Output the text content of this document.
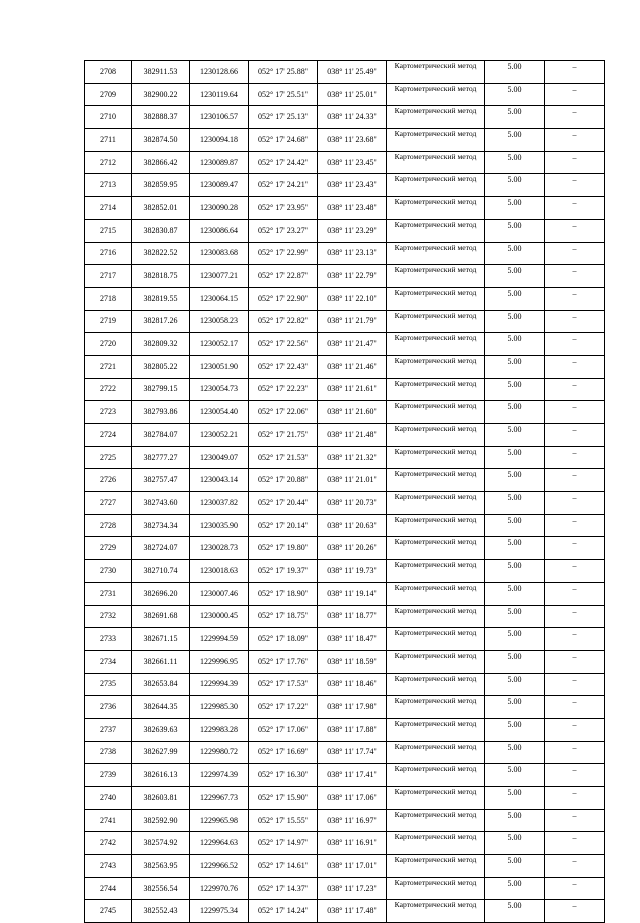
2708	382911.53	1230128.66	052° 17' 25.88"	038° 11' 25.49"	Картометрический метод	5.00	–
2709	382900.22	1230119.64	052° 17' 25.51"	038° 11' 25.01"	Картометрический метод	5.00	–
2710	382888.37	1230106.57	052° 17' 25.13"	038° 11' 24.33"	Картометрический метод	5.00	–
2711	382874.50	1230094.18	052° 17' 24.68"	038° 11' 23.68"	Картометрический метод	5.00	–
2712	382866.42	1230089.87	052° 17' 24.42"	038° 11' 23.45"	Картометрический метод	5.00	–
2713	382859.95	1230089.47	052° 17' 24.21"	038° 11' 23.43"	Картометрический метод	5.00	–
2714	382852.01	1230090.28	052° 17' 23.95"	038° 11' 23.48"	Картометрический метод	5.00	–
2715	382830.87	1230086.64	052° 17' 23.27"	038° 11' 23.29"	Картометрический метод	5.00	–
2716	382822.52	1230083.68	052° 17' 22.99"	038° 11' 23.13"	Картометрический метод	5.00	–
2717	382818.75	1230077.21	052° 17' 22.87"	038° 11' 22.79"	Картометрический метод	5.00	–
2718	382819.55	1230064.15	052° 17' 22.90"	038° 11' 22.10"	Картометрический метод	5.00	–
2719	382817.26	1230058.23	052° 17' 22.82"	038° 11' 21.79"	Картометрический метод	5.00	–
2720	382809.32	1230052.17	052° 17' 22.56"	038° 11' 21.47"	Картометрический метод	5.00	–
2721	382805.22	1230051.90	052° 17' 22.43"	038° 11' 21.46"	Картометрический метод	5.00	–
2722	382799.15	1230054.73	052° 17' 22.23"	038° 11' 21.61"	Картометрический метод	5.00	–
2723	382793.86	1230054.40	052° 17' 22.06"	038° 11' 21.60"	Картометрический метод	5.00	–
2724	382784.07	1230052.21	052° 17' 21.75"	038° 11' 21.48"	Картометрический метод	5.00	–
2725	382777.27	1230049.07	052° 17' 21.53"	038° 11' 21.32"	Картометрический метод	5.00	–
2726	382757.47	1230043.14	052° 17' 20.88"	038° 11' 21.01"	Картометрический метод	5.00	–
2727	382743.60	1230037.82	052° 17' 20.44"	038° 11' 20.73"	Картометрический метод	5.00	–
2728	382734.34	1230035.90	052° 17' 20.14"	038° 11' 20.63"	Картометрический метод	5.00	–
2729	382724.07	1230028.73	052° 17' 19.80"	038° 11' 20.26"	Картометрический метод	5.00	–
2730	382710.74	1230018.63	052° 17' 19.37"	038° 11' 19.73"	Картометрический метод	5.00	–
2731	382696.20	1230007.46	052° 17' 18.90"	038° 11' 19.14"	Картометрический метод	5.00	–
2732	382691.68	1230000.45	052° 17' 18.75"	038° 11' 18.77"	Картометрический метод	5.00	–
2733	382671.15	1229994.59	052° 17' 18.09"	038° 11' 18.47"	Картометрический метод	5.00	–
2734	382661.11	1229996.95	052° 17' 17.76"	038° 11' 18.59"	Картометрический метод	5.00	–
2735	382653.84	1229994.39	052° 17' 17.53"	038° 11' 18.46"	Картометрический метод	5.00	–
2736	382644.35	1229985.30	052° 17' 17.22"	038° 11' 17.98"	Картометрический метод	5.00	–
2737	382639.63	1229983.28	052° 17' 17.06"	038° 11' 17.88"	Картометрический метод	5.00	–
2738	382627.99	1229980.72	052° 17' 16.69"	038° 11' 17.74"	Картометрический метод	5.00	–
2739	382616.13	1229974.39	052° 17' 16.30"	038° 11' 17.41"	Картометрический метод	5.00	–
2740	382603.81	1229967.73	052° 17' 15.90"	038° 11' 17.06"	Картометрический метод	5.00	–
2741	382592.90	1229965.98	052° 17' 15.55"	038° 11' 16.97"	Картометрический метод	5.00	–
2742	382574.92	1229964.63	052° 17' 14.97"	038° 11' 16.91"	Картометрический метод	5.00	–
2743	382563.95	1229966.52	052° 17' 14.61"	038° 11' 17.01"	Картометрический метод	5.00	–
2744	382556.54	1229970.76	052° 17' 14.37"	038° 11' 17.23"	Картометрический метод	5.00	–
2745	382552.43	1229975.34	052° 17' 14.24"	038° 11' 17.48"	Картометрический метод	5.00	–
